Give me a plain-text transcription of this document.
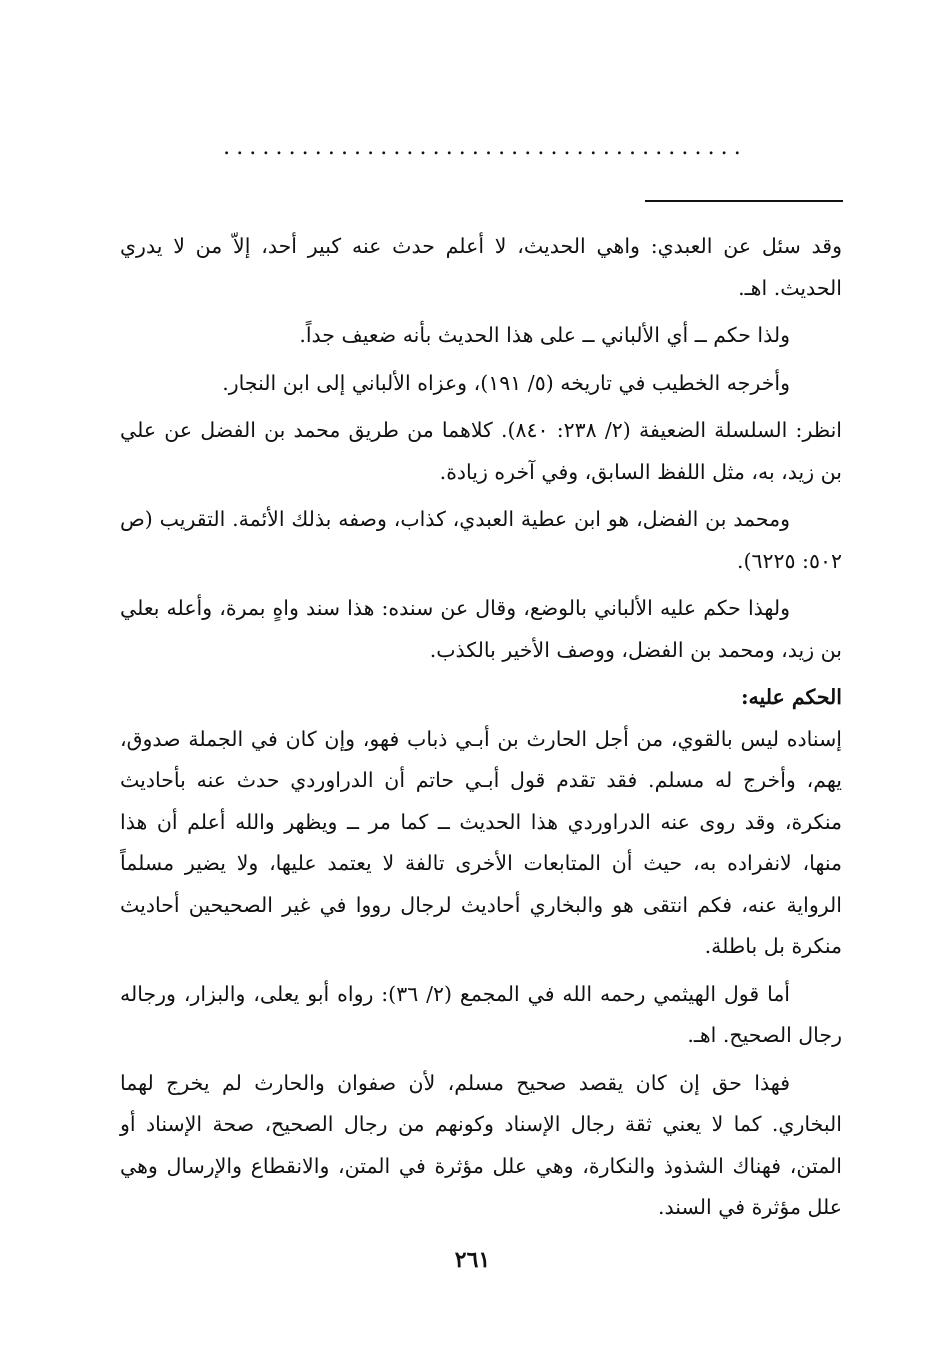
........................................

وقد سئل عن العبدي: واهي الحديث، لا أعلم حدث عنه كبير أحد، إلاّ من لا يدري الحديث. اهـ.

ولذا حكم ــ أي الألباني ــ على هذا الحديث بأنه ضعيف جداً.

وأخرجه الخطيب في تاريخه (٥/ ١٩١)، وعزاه الألباني إلى ابن النجار.

انظر: السلسلة الضعيفة (٢/ ٢٣٨: ٨٤٠). كلاهما من طريق محمد بن الفضل عن علي بن زيد، به، مثل اللفظ السابق، وفي آخره زيادة.

ومحمد بن الفضل، هو ابن عطية العبدي، كذاب، وصفه بذلك الأئمة. التقريب (ص ٥٠٢: ٦٢٢٥).

ولهذا حكم عليه الألباني بالوضع، وقال عن سنده: هذا سند واهٍ بمرة، وأعله بعلي بن زيد، ومحمد بن الفضل، ووصف الأخير بالكذب.

الحكم عليه:

إسناده ليس بالقوي، من أجل الحارث بن أبـي ذباب فهو، وإن كان في الجملة صدوق، يهم، وأخرج له مسلم. فقد تقدم قول أبـي حاتم أن الدراوردي حدث عنه بأحاديث منكرة، وقد روى عنه الدراوردي هذا الحديث ــ كما مر ــ ويظهر والله أعلم أن هذا منها، لانفراده به، حيث أن المتابعات الأخرى تالفة لا يعتمد عليها، ولا يضير مسلماً الرواية عنه، فكم انتقى هو والبخاري أحاديث لرجال رووا في غير الصحيحين أحاديث منكرة بل باطلة.

أما قول الهيثمي رحمه الله في المجمع (٢/ ٣٦): رواه أبو يعلى، والبزار، ورجاله رجال الصحيح. اهـ.

فهذا حق إن كان يقصد صحيح مسلم، لأن صفوان والحارث لم يخرج لهما البخاري. كما لا يعني ثقة رجال الإسناد وكونهم من رجال الصحيح، صحة الإسناد أو المتن، فهناك الشذوذ والنكارة، وهي علل مؤثرة في المتن، والانقطاع والإرسال وهي علل مؤثرة في السند.

٢٦١
